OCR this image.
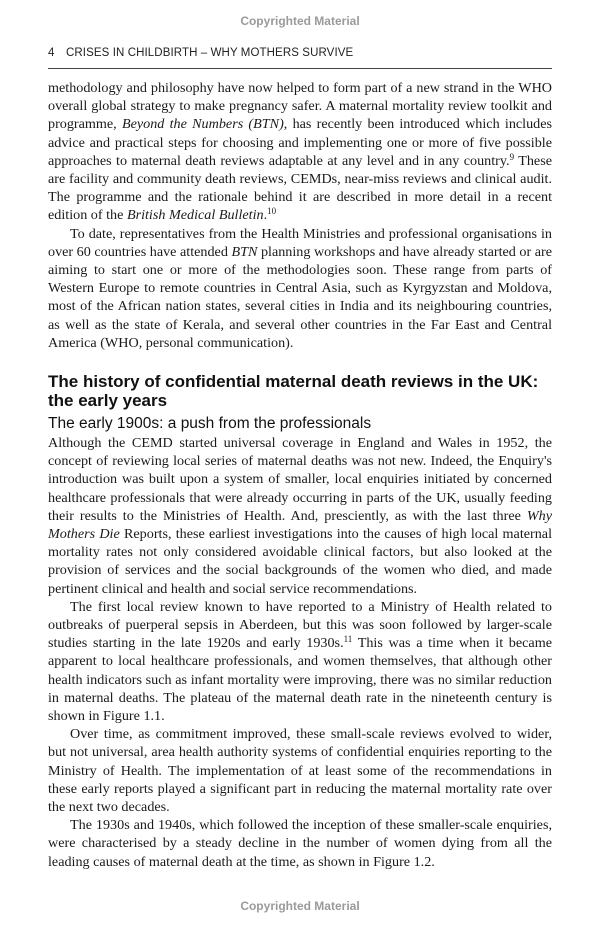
Copyrighted Material
4 CRISES IN CHILDBIRTH – WHY MOTHERS SURVIVE

methodology and philosophy have now helped to form part of a new strand in the WHO overall global strategy to make pregnancy safer. A maternal mortality review toolkit and programme, Beyond the Numbers (BTN), has recently been introduced which includes advice and practical steps for choosing and implementing one or more of five possible approaches to maternal death reviews adaptable at any level and in any country.$^9$ These are facility and community death reviews, CEMDs, near-miss reviews and clinical audit. The programme and the rationale behind it are described in more detail in a recent edition of the British Medical Bulletin.$^{10}$

To date, representatives from the Health Ministries and professional organisations in over 60 countries have attended BTN planning workshops and have already started or are aiming to start one or more of the methodologies soon. These range from parts of Western Europe to remote countries in Central Asia, such as Kyrgyzstan and Moldova, most of the African nation states, several cities in India and its neighbouring countries, as well as the state of Kerala, and several other countries in the Far East and Central America (WHO, personal communication).

The history of confidential maternal death reviews in the UK: the early years
The early 1900s: a push from the professionals

Although the CEMD started universal coverage in England and Wales in 1952, the concept of reviewing local series of maternal deaths was not new. Indeed, the Enquiry's introduction was built upon a system of smaller, local enquiries initiated by concerned healthcare professionals that were already occurring in parts of the UK, usually feeding their results to the Ministries of Health. And, presciently, as with the last three Why Mothers Die Reports, these earliest investigations into the causes of high local maternal mortality rates not only considered avoidable clinical factors, but also looked at the provision of services and the social backgrounds of the women who died, and made pertinent clinical and health and social service recommendations.

The first local review known to have reported to a Ministry of Health related to outbreaks of puerperal sepsis in Aberdeen, but this was soon followed by larger-scale studies starting in the late 1920s and early 1930s.$^{11}$ This was a time when it became apparent to local healthcare professionals, and women themselves, that although other health indicators such as infant mortality were improving, there was no similar reduction in maternal deaths. The plateau of the maternal death rate in the nineteenth century is shown in Figure 1.1.

Over time, as commitment improved, these small-scale reviews evolved to wider, but not universal, area health authority systems of confidential enquiries reporting to the Ministry of Health. The implementation of at least some of the recommendations in these early reports played a significant part in reducing the maternal mortality rate over the next two decades.

The 1930s and 1940s, which followed the inception of these smaller-scale enquiries, were characterised by a steady decline in the number of women dying from all the leading causes of maternal death at the time, as shown in Figure 1.2.

Copyrighted Material
